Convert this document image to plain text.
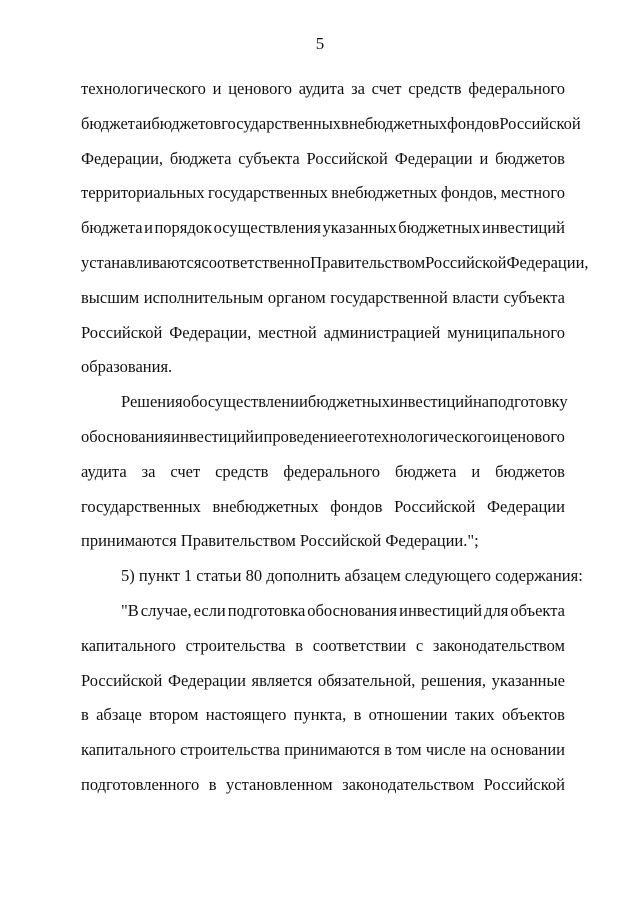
5
технологического и ценового аудита за счет средств федерального
бюджета и бюджетов государственных внебюджетных фондов Российской
Федерации, бюджета субъекта Российской Федерации и бюджетов
территориальных государственных внебюджетных фондов, местного
бюджета и порядок осуществления указанных бюджетных инвестиций
устанавливаются соответственно Правительством Российской Федерации,
высшим исполнительным органом государственной власти субъекта
Российской Федерации, местной администрацией муниципального
образования.
Решения об осуществлении бюджетных инвестиций на подготовку
обоснования инвестиций и проведение его технологического и ценового
аудита за счет средств федерального бюджета и бюджетов
государственных внебюджетных фондов Российской Федерации
принимаются Правительством Российской Федерации.";
5) пункт 1 статьи 80 дополнить абзацем следующего содержания:
"В случае, если подготовка обоснования инвестиций для объекта
капитального строительства в соответствии с законодательством
Российской Федерации является обязательной, решения, указанные
в абзаце втором настоящего пункта, в отношении таких объектов
капитального строительства принимаются в том числе на основании
подготовленного в установленном законодательством Российской
